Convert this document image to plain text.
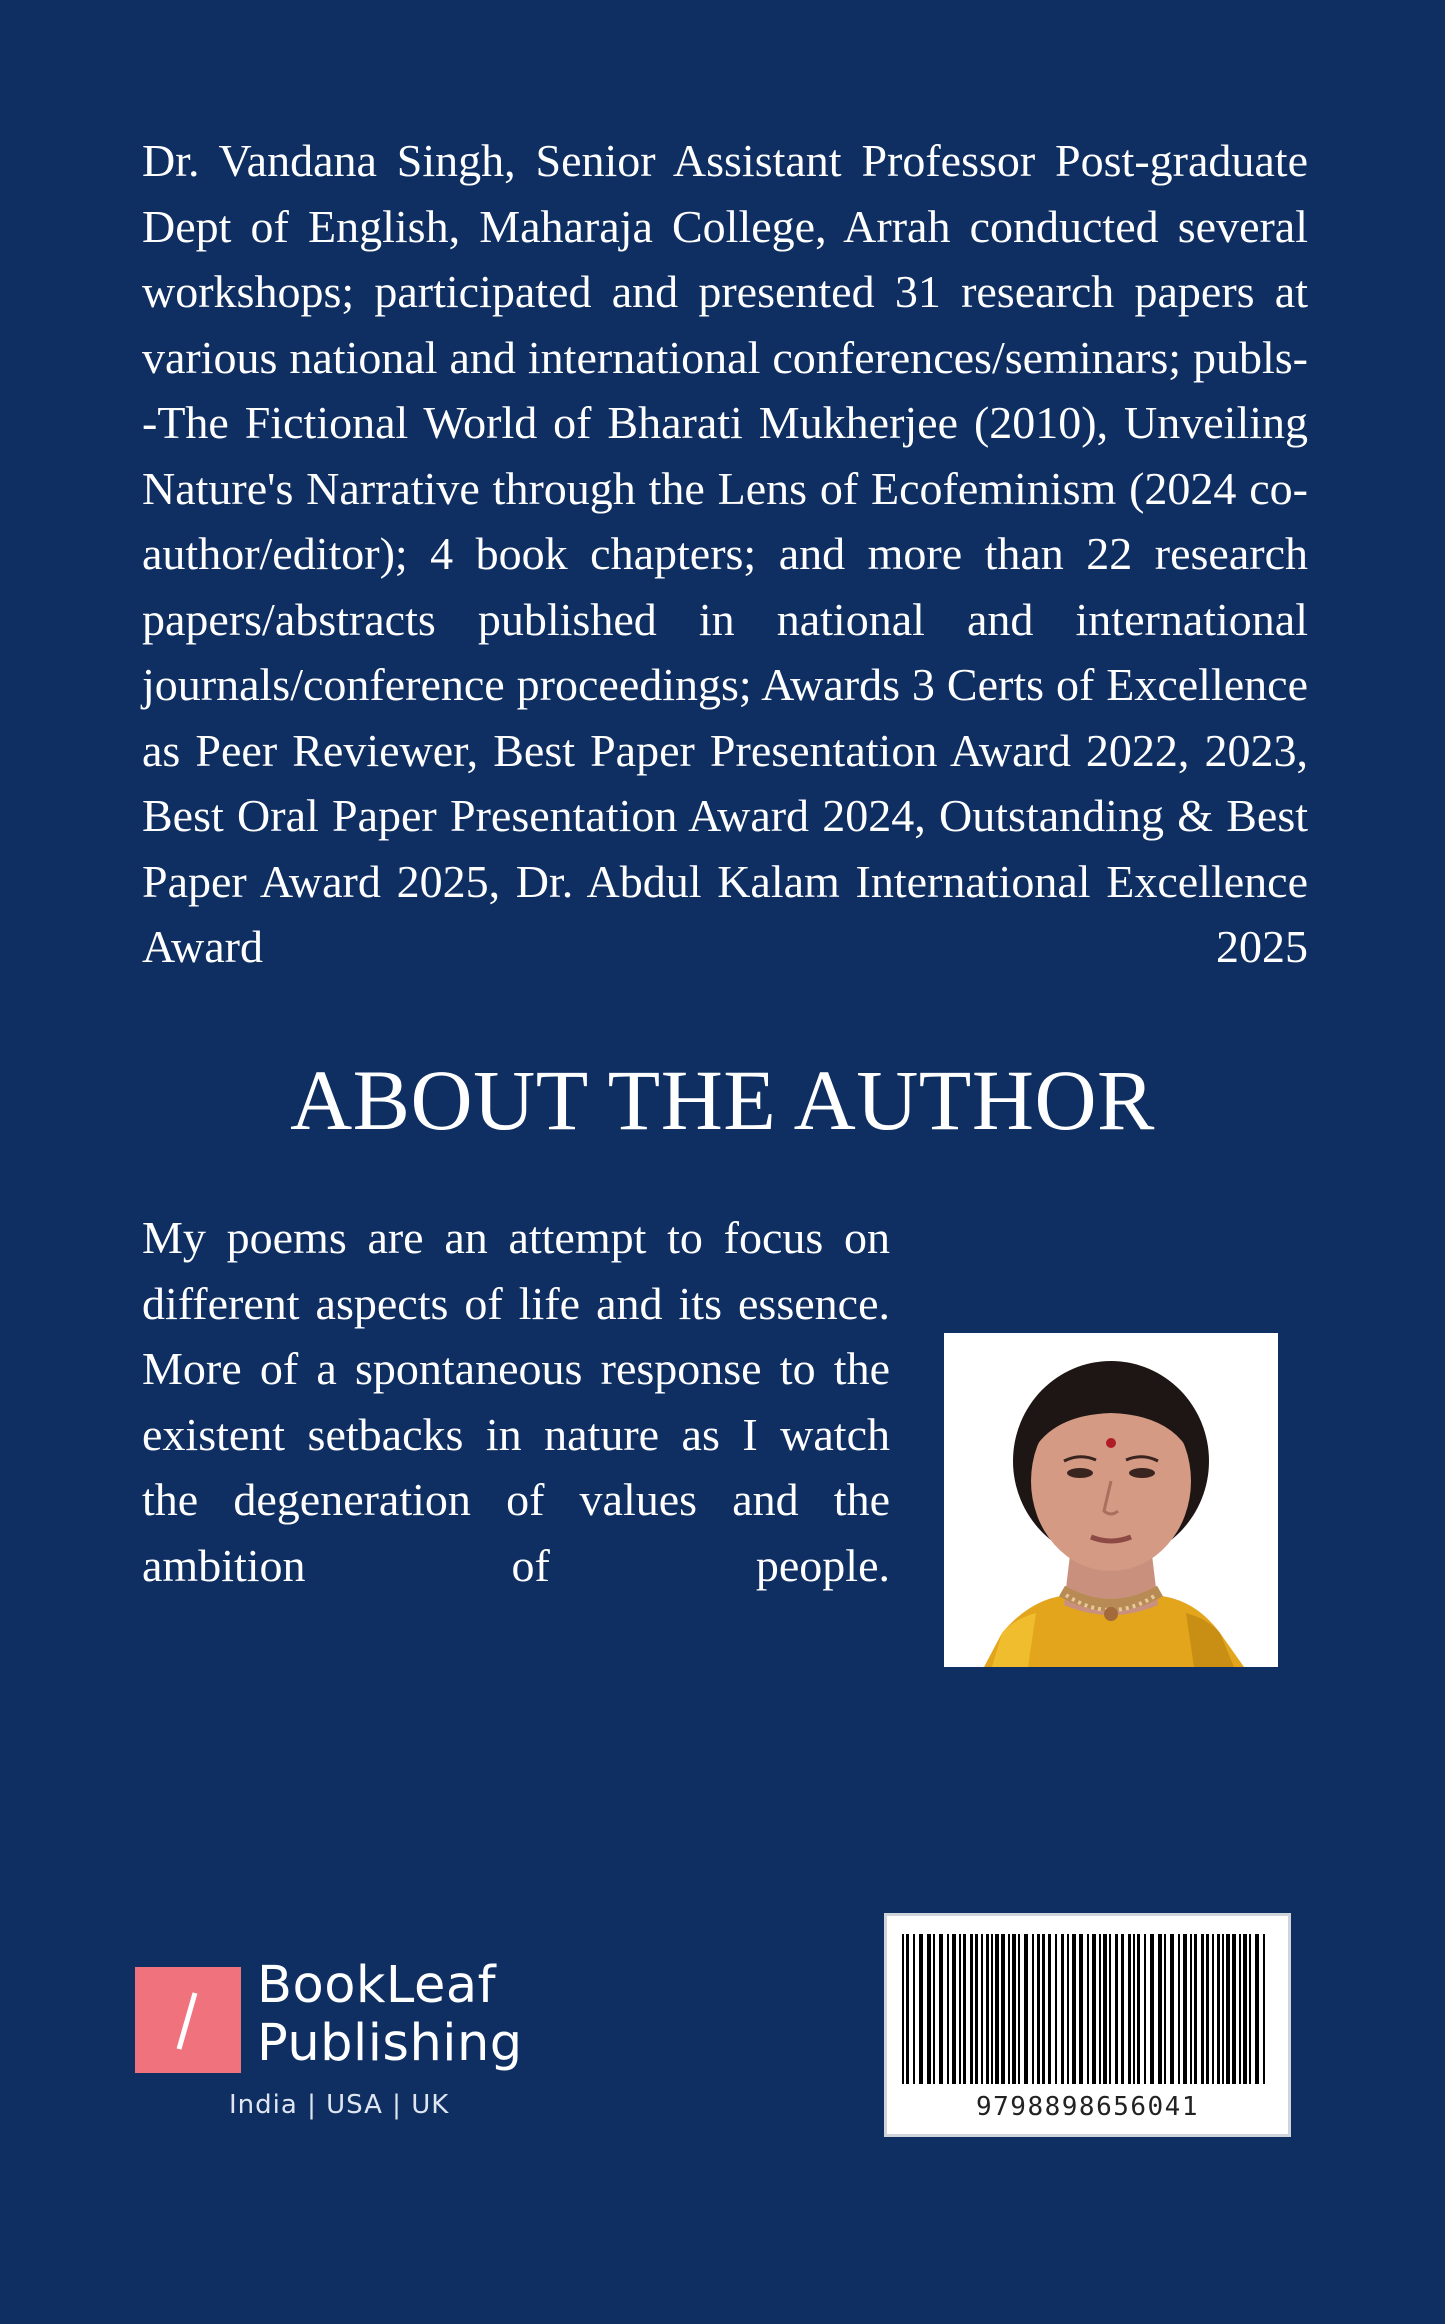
Dr. Vandana Singh, Senior Assistant Professor Post-graduate Dept of English, Maharaja College, Arrah conducted several workshops; participated and presented 31 research papers at various national and international conferences/seminars; publs--The Fictional World of Bharati Mukherjee (2010), Unveiling Nature's Narrative through the Lens of Ecofeminism (2024 co-author/editor); 4 book chapters; and more than 22 research papers/abstracts published in national and international journals/conference proceedings; Awards 3 Certs of Excellence as Peer Reviewer, Best Paper Presentation Award 2022, 2023, Best Oral Paper Presentation Award 2024, Outstanding & Best Paper Award 2025, Dr. Abdul Kalam International Excellence Award 2025

ABOUT THE AUTHOR

My poems are an attempt to focus on different aspects of life and its essence. More of a spontaneous response to the existent setbacks in nature as I watch the degeneration of values and the ambition of people.

BookLeaf
Publishing
India | USA | UK	9798898656041
